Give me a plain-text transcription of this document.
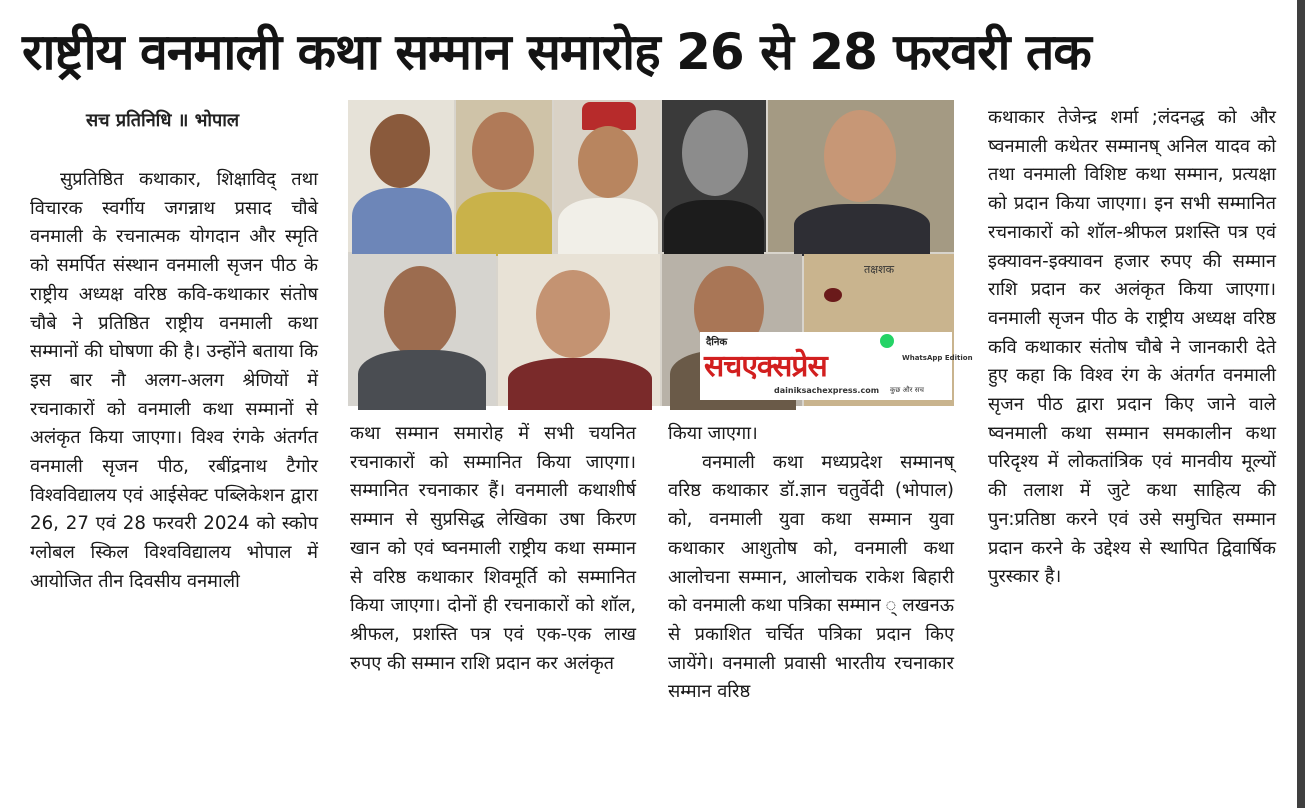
राष्ट्रीय वनमाली कथा सम्मान समारोह 26 से 28 फरवरी तक
सच प्रतिनिधि ॥ भोपाल

सुप्रतिष्ठित कथाकार, शिक्षाविद् तथा विचारक स्वर्गीय जगन्नाथ प्रसाद चौबे वनमाली के रचनात्मक योगदान और स्मृति को समर्पित संस्थान वनमाली सृजन पीठ के राष्ट्रीय अध्यक्ष वरिष्ठ कवि-कथाकार संतोष चौबे ने प्रतिष्ठित राष्ट्रीय वनमाली कथा सम्मानों की घोषणा की है। उन्होंने बताया कि इस बार नौ अलग-अलग श्रेणियों में रचनाकारों को वनमाली कथा सम्मानों से अलंकृत किया जाएगा। विश्व रंगके अंतर्गत वनमाली सृजन पीठ, रबींद्रनाथ टैगोर विश्वविद्यालय एवं आईसेक्ट पब्लिकेशन द्वारा 26, 27 एवं 28 फरवरी 2024 को स्कोप ग्लोबल स्किल विश्वविद्यालय भोपाल में आयोजित तीन दिवसीय वनमाली

तक्षशक
दैनिक
WhatsApp Edition
सचएक्सप्रेस
dainiksachexpress.com कुछ और सच

कथा सम्मान समारोह में सभी चयनित रचनाकारों को सम्मानित किया जाएगा। सम्मानित रचनाकार हैं। वनमाली कथाशीर्ष सम्मान से सुप्रसिद्ध लेखिका उषा किरण खान को एवं ष्वनमाली राष्ट्रीय कथा सम्मान से वरिष्ठ कथाकार शिवमूर्ति को सम्मानित किया जाएगा। दोनों ही रचनाकारों को शॉल, श्रीफल, प्रशस्ति पत्र एवं एक-एक लाख रुपए की सम्मान राशि प्रदान कर अलंकृत

किया जाएगा।

वनमाली कथा मध्यप्रदेश सम्मानष् वरिष्ठ कथाकार डॉ.ज्ञान चतुर्वेदी (भोपाल) को, वनमाली युवा कथा सम्मान युवा कथाकार आशुतोष को, वनमाली कथा आलोचना सम्मान, आलोचक राकेश बिहारी को वनमाली कथा पत्रिका सम्मान ् लखनऊ से प्रकाशित चर्चित पत्रिका प्रदान किए जायेंगे। वनमाली प्रवासी भारतीय रचनाकार सम्मान वरिष्ठ

कथाकार तेजेन्द्र शर्मा ;लंदनद्ध को और ष्वनमाली कथेतर सम्मानष् अनिल यादव को तथा वनमाली विशिष्ट कथा सम्मान, प्रत्यक्षा को प्रदान किया जाएगा। इन सभी सम्मानित रचनाकारों को शॉल-श्रीफल प्रशस्ति पत्र एवं इक्यावन-इक्यावन हजार रुपए की सम्मान राशि प्रदान कर अलंकृत किया जाएगा। वनमाली सृजन पीठ के राष्ट्रीय अध्यक्ष वरिष्ठ कवि कथाकार संतोष चौबे ने जानकारी देते हुए कहा कि विश्व रंग के अंतर्गत वनमाली सृजन पीठ द्वारा प्रदान किए जाने वाले ष्वनमाली कथा सम्मान समकालीन कथा परिदृश्य में लोकतांत्रिक एवं मानवीय मूल्यों की तलाश में जुटे कथा साहित्य की पुन:प्रतिष्ठा करने एवं उसे समुचित सम्मान प्रदान करने के उद्देश्य से स्थापित द्विवार्षिक पुरस्कार है।
